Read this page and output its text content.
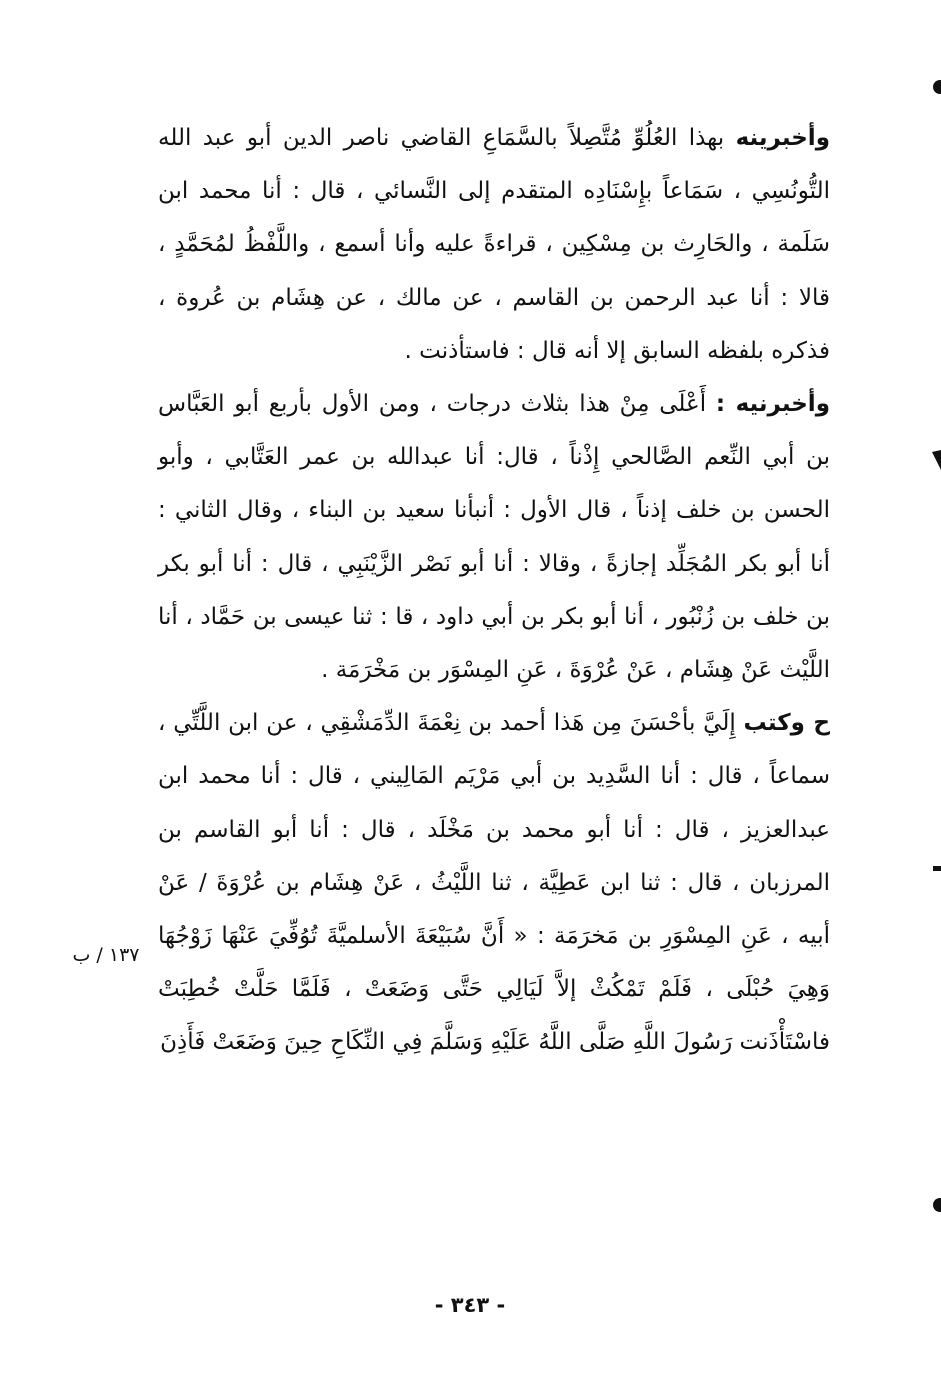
وأخبرينه بهذا العُلُوِّ مُتَّصِلاً بالسَّمَاعِ القاضي ناصر الدين أبو عبد الله التُّونُسِي ، سَمَاعاً بإِسْنَادِه المتقدم إلى النَّسائي ، قال : أنا محمد ابن سَلَمة ، والحَارِث بن مِسْكِين ، قراءةً عليه وأنا أسمع ، واللَّفْظُ لمُحَمَّدٍ ، قالا : أنا عبد الرحمن بن القاسم ، عن مالك ، عن هِشَام بن عُروة ، فذكره بلفظه السابق إلا أنه قال : فاستأذنت .

وأخبرنيه : أَعْلَى مِنْ هذا بثلاث درجات ، ومن الأول بأربع أبو العَبَّاس بن أبي النِّعم الصَّالحي إِذْناً ، قال: أنا عبدالله بن عمر العَتَّابي ، وأبو الحسن بن خلف إذناً ، قال الأول : أنبأنا سعيد بن البناء ، وقال الثاني : أنا أبو بكر المُجَلِّد إجازةً ، وقالا : أنا أبو نَصْر الزَّيْنَبِي ، قال : أنا أبو بكر بن خلف بن زُنْبُور ، أنا أبو بكر بن أبي داود ، قا : ثنا عيسى بن حَمَّاد ، أنا اللَّيْث عَنْ هِشَام ، عَنْ عُرْوَةَ ، عَنِ المِسْوَر بن مَخْرَمَة .

ح وكتب إِلَيَّ بأحْسَنَ مِن هَذا أحمد بن نِعْمَةَ الدِّمَشْقِي ، عن ابن اللَّتِّي ، سماعاً ، قال : أنا السَّدِيد بن أبي مَرْيَم المَالِيني ، قال : أنا محمد ابن عبدالعزيز ، قال : أنا أبو محمد بن مَخْلَد ، قال : أنا أبو القاسم بن المرزبان ، قال : ثنا ابن عَطِيَّة ، ثنا اللَّيْثُ ، عَنْ هِشَام بن عُرْوَةَ / عَنْ أبيه ، عَنِ المِسْوَرِ بن مَخرَمَة : « أَنَّ سُبَيْعَةَ الأسلميَّةَ تُوُفِّيَ عَنْهَا زَوْجُهَا وَهِيَ حُبْلَى ، فَلَمْ تَمْكُثْ إلاَّ لَيَالِي حَتَّى وَضَعَتْ ، فَلَمَّا حَلَّتْ خُطِبَتْ فاسْتَأْذَنت رَسُولَ اللَّهِ صَلَّى اللَّهُ عَلَيْهِ وَسَلَّمَ فِي النِّكَاحِ حِينَ وَضَعَتْ فَأَذِنَ

١٣٧ / ب
- ٣٤٣ -
